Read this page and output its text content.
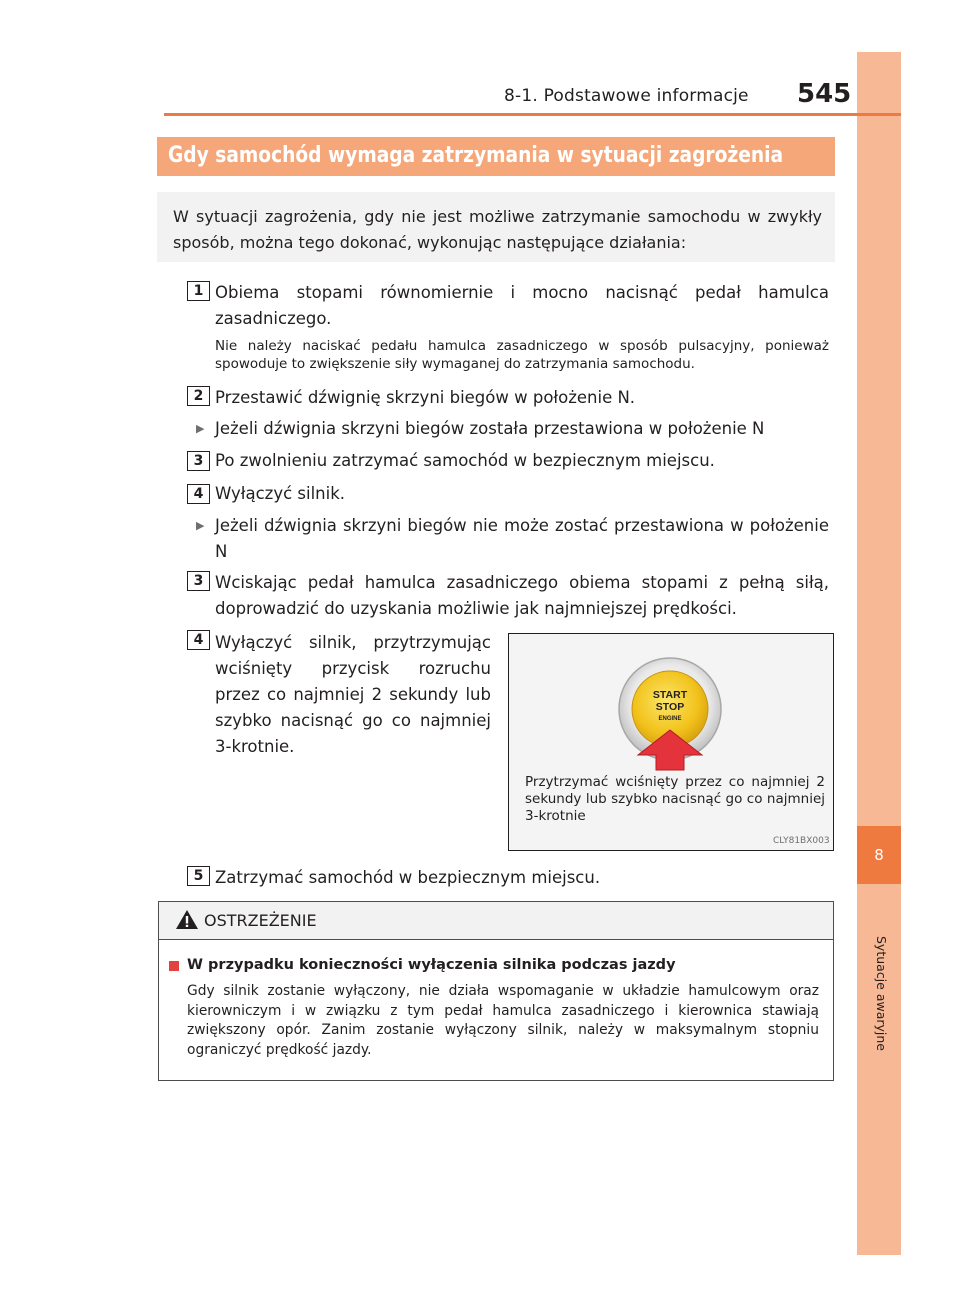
8
Sytuacje awaryjne
8-1. Podstawowe informacje 545
Gdy samochód wymaga zatrzymania w sytuacji zagrożenia
W sytuacji zagrożenia, gdy nie jest możliwe zatrzymanie samochodu w zwykły sposób, można tego dokonać, wykonując następujące działania:
1 Obiema stopami równomiernie i mocno nacisnąć pedał hamulca zasadniczego.
Nie należy naciskać pedału hamulca zasadniczego w sposób pulsacyjny, ponieważ spowoduje to zwiększenie siły wymaganej do zatrzymania samochodu.
2 Przestawić dźwignię skrzyni biegów w położenie N.
▶ Jeżeli dźwignia skrzyni biegów została przestawiona w położenie N
3 Po zwolnieniu zatrzymać samochód w bezpiecznym miejscu.
4 Wyłączyć silnik.
▶ Jeżeli dźwignia skrzyni biegów nie może zostać przestawiona w położenie N
3 Wciskając pedał hamulca zasadniczego obiema stopami z pełną siłą, doprowadzić do uzyskania możliwie jak najmniejszej prędkości.
4 Wyłączyć silnik, przytrzymując wciśnięty przycisk rozruchu przez co najmniej 2 sekundy lub szybko nacisnąć go co najmniej 3-krotnie.
START
STOP
ENGINE
Przytrzymać wciśnięty przez co najmniej 2 sekundy lub szybko nacisnąć go co najmniej 3-krotnie
CLY81BX003
5 Zatrzymać samochód w bezpiecznym miejscu.
OSTRZEŻENIE
W przypadku konieczności wyłączenia silnika podczas jazdy
Gdy silnik zostanie wyłączony, nie działa wspomaganie w układzie hamulcowym oraz kierowniczym i w związku z tym pedał hamulca zasadniczego i kierownica stawiają zwiększony opór. Zanim zostanie wyłączony silnik, należy w maksymalnym stopniu ograniczyć prędkość jazdy.
